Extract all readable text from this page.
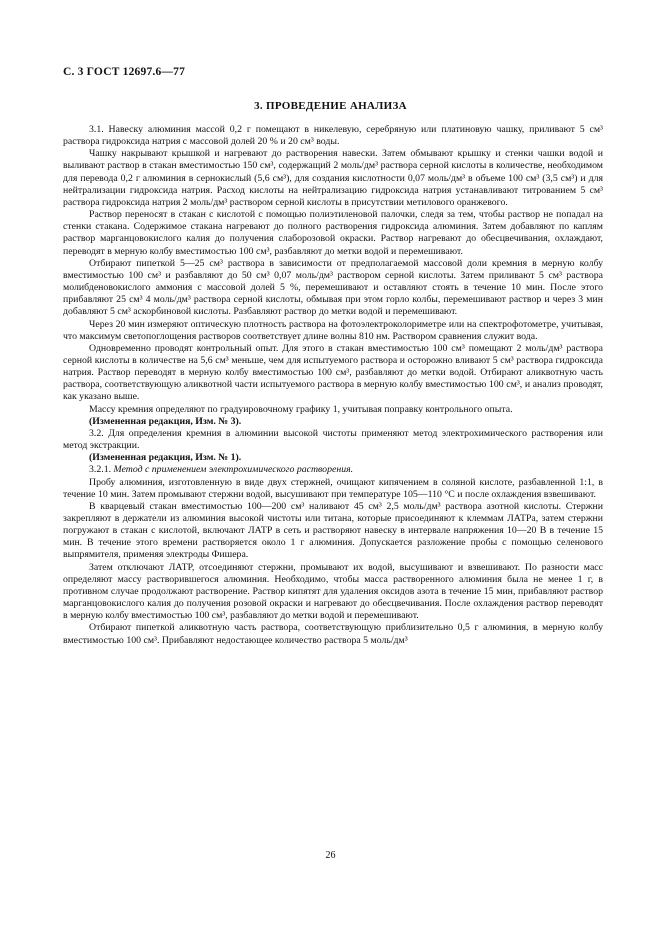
С. 3 ГОСТ 12697.6—77
3. ПРОВЕДЕНИЕ АНАЛИЗА

3.1. Навеску алюминия массой 0,2 г помещают в никелевую, серебряную или платиновую чашку, приливают 5 см³ раствора гидроксида натрия с массовой долей 20 % и 20 см³ воды.

Чашку накрывают крышкой и нагревают до растворения навески. Затем обмывают крышку и стенки чашки водой и выливают раствор в стакан вместимостью 150 см³, содержащий 2 моль/дм³ раствора серной кислоты в количестве, необходимом для перевода 0,2 г алюминия в сернокислый (5,6 см³), для создания кислотности 0,07 моль/дм³ в объеме 100 см³ (3,5 см³) и для нейтрализации гидроксида натрия. Расход кислоты на нейтрализацию гидроксида натрия устанавливают титрованием 5 см³ раствора гидроксида натрия 2 моль/дм³ раствором серной кислоты в присутствии метилового оранжевого.

Раствор переносят в стакан с кислотой с помощью полиэтиленовой палочки, следя за тем, чтобы раствор не попадал на стенки стакана. Содержимое стакана нагревают до полного растворения гидроксида алюминия. Затем добавляют по каплям раствор марганцовокислого калия до получения слаборозовой окраски. Раствор нагревают до обесцвечивания, охлаждают, переводят в мерную колбу вместимостью 100 см³, разбавляют до метки водой и перемешивают.

Отбирают пипеткой 5—25 см³ раствора в зависимости от предполагаемой массовой доли кремния в мерную колбу вместимостью 100 см³ и разбавляют до 50 см³ 0,07 моль/дм³ раствором серной кислоты. Затем приливают 5 см³ раствора молибденовокислого аммония с массовой долей 5 %, перемешивают и оставляют стоять в течение 10 мин. После этого прибавляют 25 см³ 4 моль/дм³ раствора серной кислоты, обмывая при этом горло колбы, перемешивают раствор и через 3 мин добавляют 5 см³ аскорбиновой кислоты. Разбавляют раствор до метки водой и перемешивают.

Через 20 мин измеряют оптическую плотность раствора на фотоэлектроколориметре или на спектрофотометре, учитывая, что максимум светопоглощения растворов соответствует длине волны 810 нм. Раствором сравнения служит вода.

Одновременно проводят контрольный опыт. Для этого в стакан вместимостью 100 см³ помещают 2 моль/дм³ раствора серной кислоты в количестве на 5,6 см³ меньше, чем для испытуемого раствора и осторожно вливают 5 см³ раствора гидроксида натрия. Раствор переводят в мерную колбу вместимостью 100 см³, разбавляют до метки водой. Отбирают аликвотную часть раствора, соответствующую аликвотной части испытуемого раствора в мерную колбу вместимостью 100 см³, и анализ проводят, как указано выше.

Массу кремния определяют по градуировочному графику 1, учитывая поправку контрольного опыта.

(Измененная редакция, Изм. № 3).

3.2. Для определения кремния в алюминии высокой чистоты применяют метод электрохимического растворения или метод экстракции.

(Измененная редакция, Изм. № 1).

3.2.1. Метод с применением электрохимического растворения.

Пробу алюминия, изготовленную в виде двух стержней, очищают кипячением в соляной кислоте, разбавленной 1:1, в течение 10 мин. Затем промывают стержни водой, высушивают при температуре 105—110 °С и после охлаждения взвешивают.

В кварцевый стакан вместимостью 100—200 см³ наливают 45 см³ 2,5 моль/дм³ раствора азотной кислоты. Стержни закрепляют в держатели из алюминия высокой чистоты или титана, которые присоединяют к клеммам ЛАТРа, затем стержни погружают в стакан с кислотой, включают ЛАТР в сеть и растворяют навеску в интервале напряжения 10—20 В в течение 15 мин. В течение этого времени растворяется около 1 г алюминия. Допускается разложение пробы с помощью селенового выпрямителя, применяя электроды Фишера.

Затем отключают ЛАТР, отсоединяют стержни, промывают их водой, высушивают и взвешивают. По разности масс определяют массу растворившегося алюминия. Необходимо, чтобы масса растворенного алюминия была не менее 1 г, в противном случае продолжают растворение. Раствор кипятят для удаления оксидов азота в течение 15 мин, прибавляют раствор марганцовокислого калия до получения розовой окраски и нагревают до обесцвечивания. После охлаждения раствор переводят в мерную колбу вместимостью 100 см³, разбавляют до метки водой и перемешивают.

Отбирают пипеткой аликвотную часть раствора, соответствующую приблизительно 0,5 г алюминия, в мерную колбу вместимостью 100 см³. Прибавляют недостающее количество раствора 5 моль/дм³

26
